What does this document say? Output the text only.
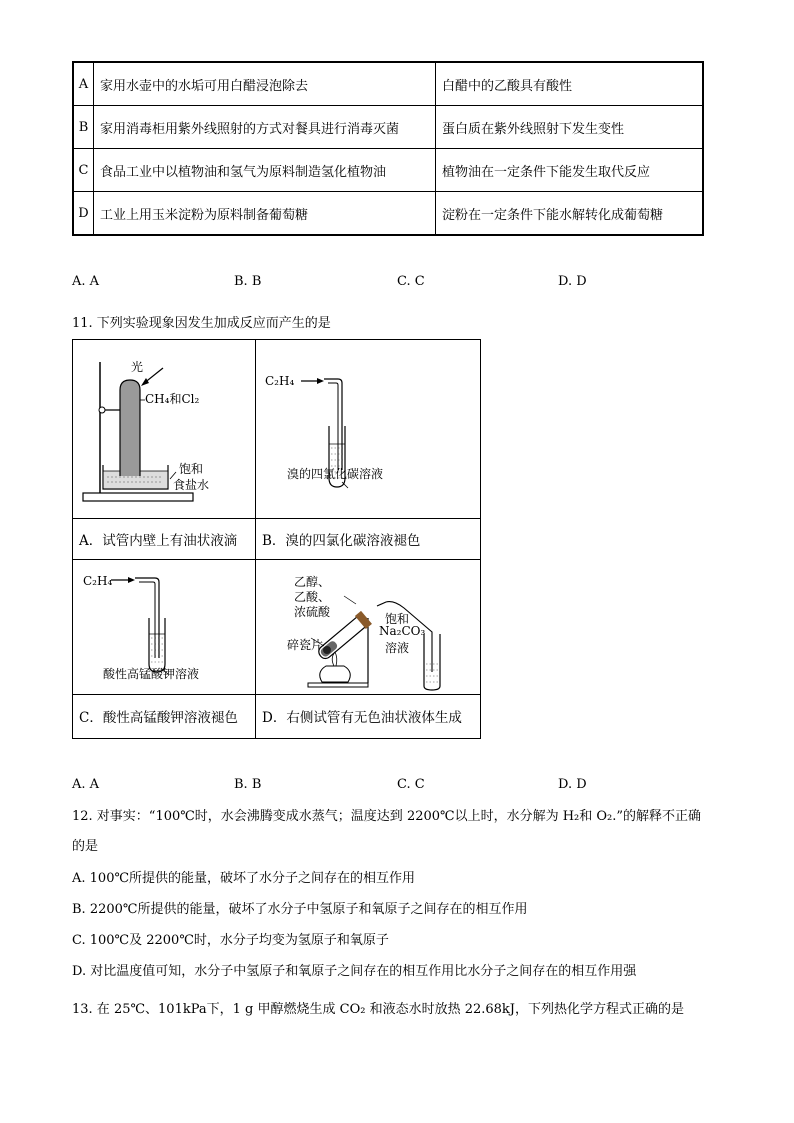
A	家用水壶中的水垢可用白醋浸泡除去	白醋中的乙酸具有酸性
B	家用消毒柜用紫外线照射的方式对餐具进行消毒灭菌	蛋白质在紫外线照射下发生变性
C	食品工业中以植物油和氢气为原料制造氢化植物油	植物油在一定条件下能发生取代反应
D	工业上用玉米淀粉为原料制备葡萄糖	淀粉在一定条件下能水解转化成葡萄糖
A. A	B. B	C. C	D. D
11. 下列实验现象因发生加成反应而产生的是
光
CH₄和Cl₂
饱和
食盐水
C₂H₄
溴的四氯化碳溶液
A．试管内壁上有油状液滴 B．溴的四氯化碳溶液褪色
C₂H₄
酸性高锰酸钾溶液
乙醇、
乙酸、
浓硫酸
碎瓷片
饱和
Na₂CO₃
溶液
C．酸性高锰酸钾溶液褪色 D．右侧试管有无色油状液体生成
A. A	B. B	C. C	D. D
12. 对事实：“100℃时，水会沸腾变成水蒸气；温度达到 2200℃以上时，水分解为 H₂和 O₂.”的解释不正确
的是
A. 100℃所提供的能量，破坏了水分子之间存在的相互作用
B. 2200℃所提供的能量，破坏了水分子中氢原子和氧原子之间存在的相互作用
C. 100℃及 2200℃时，水分子均变为氢原子和氧原子
D. 对比温度值可知，水分子中氢原子和氧原子之间存在的相互作用比水分子之间存在的相互作用强
13. 在 25℃、101kPa下，1 g 甲醇燃烧生成 CO₂ 和液态水时放热 22.68kJ，下列热化学方程式正确的是
